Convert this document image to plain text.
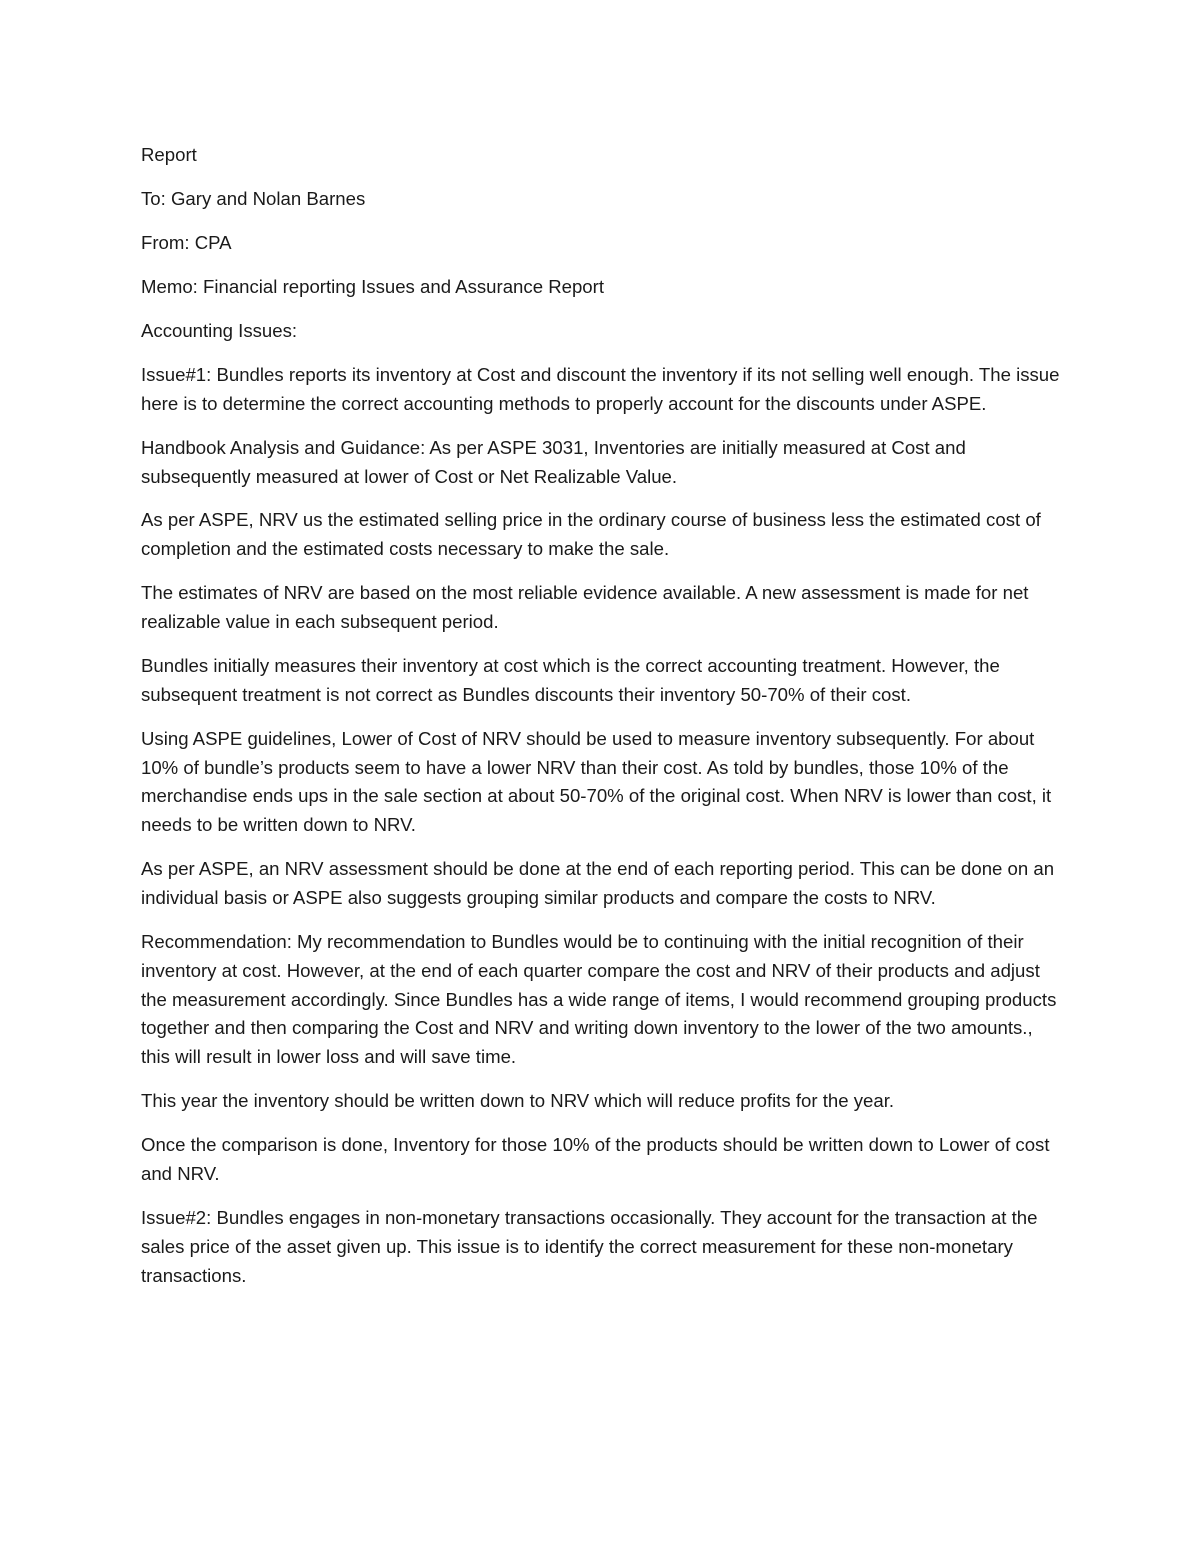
Report

To: Gary and Nolan Barnes

From: CPA

Memo: Financial reporting Issues and Assurance Report

Accounting Issues:

Issue#1: Bundles reports its inventory at Cost and discount the inventory if its not selling well enough. The issue here is to determine the correct accounting methods to properly account for the discounts under ASPE.

Handbook Analysis and Guidance: As per ASPE 3031, Inventories are initially measured at Cost and subsequently measured at lower of Cost or Net Realizable Value.

As per ASPE, NRV us the estimated selling price in the ordinary course of business less the estimated cost of completion and the estimated costs necessary to make the sale.

The estimates of NRV are based on the most reliable evidence available. A new assessment is made for net realizable value in each subsequent period.

Bundles initially measures their inventory at cost which is the correct accounting treatment. However, the subsequent treatment is not correct as Bundles discounts their inventory 50-70% of their cost.

Using ASPE guidelines, Lower of Cost of NRV should be used to measure inventory subsequently. For about 10% of bundle’s products seem to have a lower NRV than their cost. As told by bundles, those 10% of the merchandise ends ups in the sale section at about 50-70% of the original cost. When NRV is lower than cost, it needs to be written down to NRV.

As per ASPE, an NRV assessment should be done at the end of each reporting period. This can be done on an individual basis or ASPE also suggests grouping similar products and compare the costs to NRV.

Recommendation: My recommendation to Bundles would be to continuing with the initial recognition of their inventory at cost. However, at the end of each quarter compare the cost and NRV of their products and adjust the measurement accordingly. Since Bundles has a wide range of items, I would recommend grouping products together and then comparing the Cost and NRV and writing down inventory to the lower of the two amounts., this will result in lower loss and will save time.

This year the inventory should be written down to NRV which will reduce profits for the year.

Once the comparison is done, Inventory for those 10% of the products should be written down to Lower of cost and NRV.

Issue#2: Bundles engages in non-monetary transactions occasionally. They account for the transaction at the sales price of the asset given up. This issue is to identify the correct measurement for these non-monetary transactions.
